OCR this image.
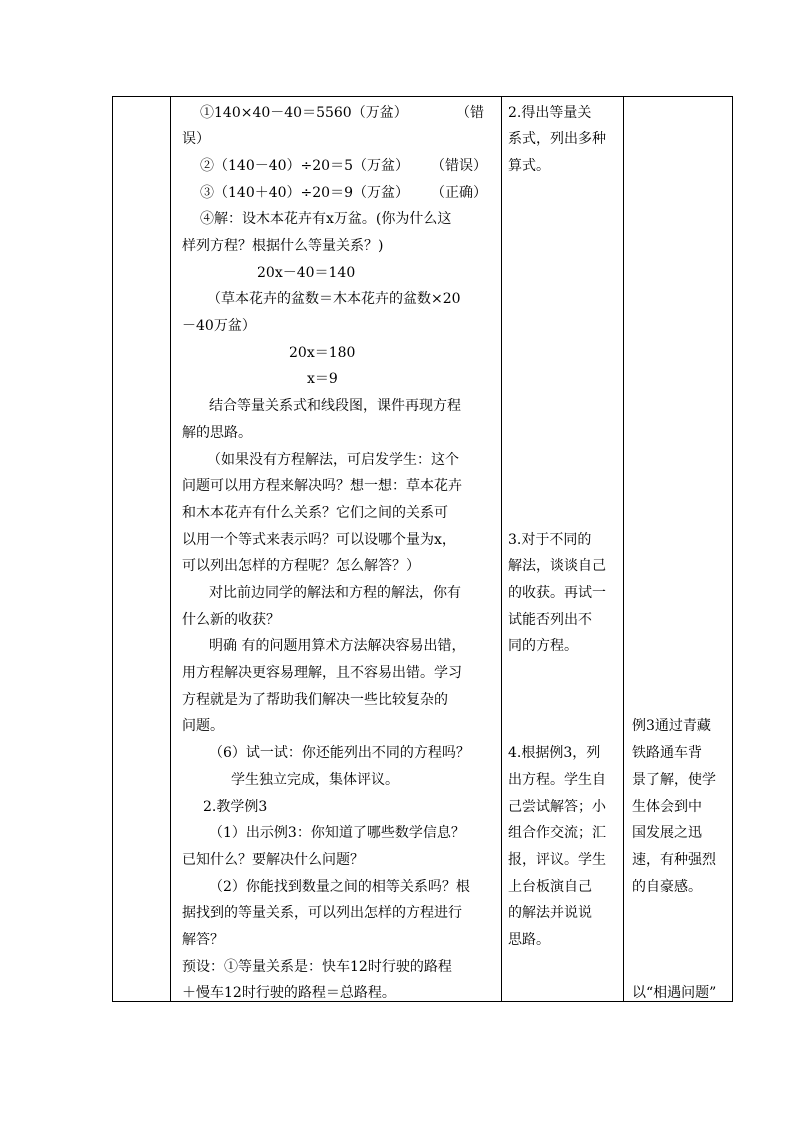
①140×40－40＝5560（万盆）	（错
误）
②（140－40）÷20＝5（万盆） （错误）
③（140＋40）÷20＝9（万盆） （正确）
④解：设木本花卉有x万盆。(你为什么这
样列方程？根据什么等量关系？)
20x－40＝140
（草本花卉的盆数＝木本花卉的盆数×20
－40万盆）
20x＝180
x＝9
结合等量关系式和线段图，课件再现方程
解的思路。
（如果没有方程解法，可启发学生：这个
问题可以用方程来解决吗？想一想：草本花卉
和木本花卉有什么关系？它们之间的关系可
以用一个等式来表示吗？可以设哪个量为x，
可以列出怎样的方程呢？怎么解答？）
对比前边同学的解法和方程的解法，你有
什么新的收获？
明确 有的问题用算术方法解决容易出错，
用方程解决更容易理解，且不容易出错。学习
方程就是为了帮助我们解决一些比较复杂的
问题。
（6）试一试：你还能列出不同的方程吗？
学生独立完成，集体评议。
2.教学例3
（1）出示例3：你知道了哪些数学信息？
已知什么？要解决什么问题？
（2）你能找到数量之间的相等关系吗？根
据找到的等量关系，可以列出怎样的方程进行
解答？
预设：①等量关系是：快车12时行驶的路程
＋慢车12时行驶的路程＝总路程。
2.得出等量关
系式，列出多种
算式。
3.对于不同的
解法，谈谈自己
的收获。再试一
试能否列出不
同的方程。
4.根据例3，列
出方程。学生自
己尝试解答；小
组合作交流；汇
报，评议。学生
上台板演自己
的解法并说说
思路。
例3通过青藏
铁路通车背
景了解，使学
生体会到中
国发展之迅
速，有种强烈
的自豪感。
以“相遇问题”
